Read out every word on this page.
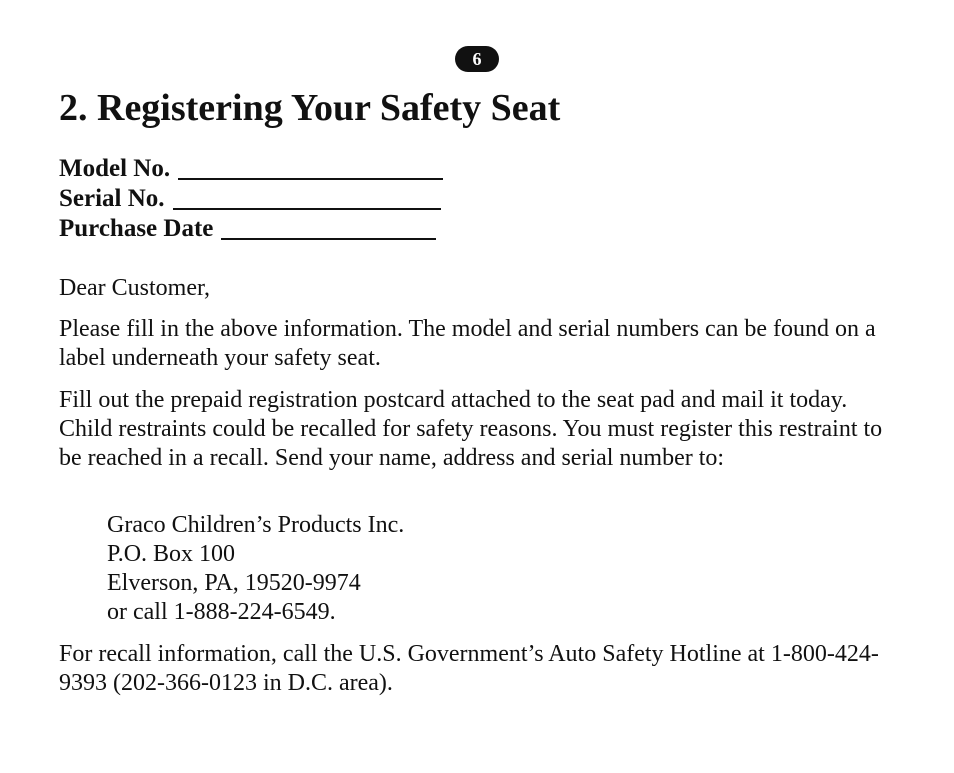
6
2. Registering Your Safety Seat
Model No.
Serial No.
Purchase Date

Dear Customer,

Please fill in the above information. The model and serial numbers can be found on a label underneath your safety seat.

Fill out the prepaid registration postcard attached to the seat pad and mail it today. Child restraints could be recalled for safety reasons. You must register this restraint to be reached in a recall. Send your name, address and serial number to:

Graco Children’s Products Inc.
P.O. Box 100
Elverson, PA, 19520-9974
or call 1-888-224-6549.

For recall information, call the U.S. Government’s Auto Safety Hotline at 1-800-424-9393 (202-366-0123 in D.C. area).
